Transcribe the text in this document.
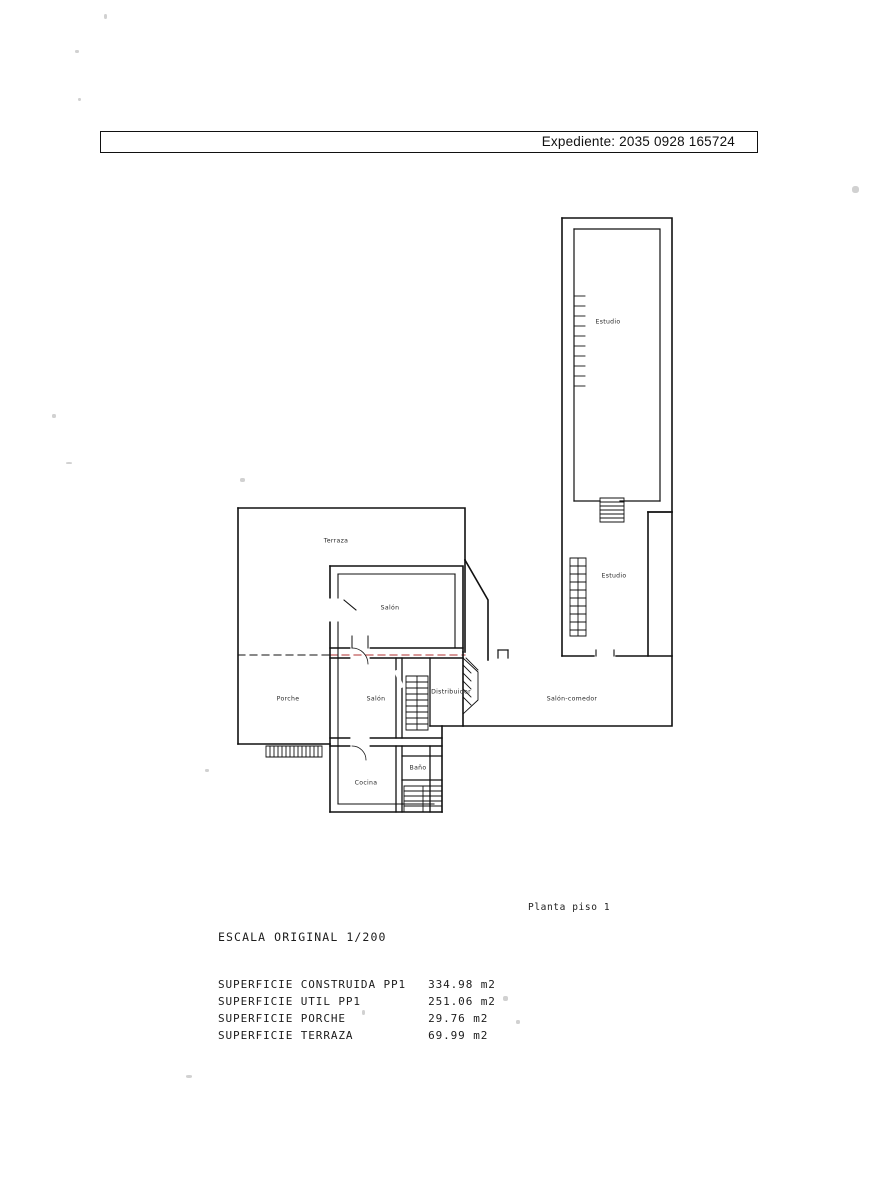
Expediente: 2035 0928 165724
Estudio
Estudio
Terraza
Salón
Porche	Salón
Distribuidor
Salón-comedor
Baño
Cocina
Planta piso 1
ESCALA ORIGINAL 1/200
SUPERFICIE CONSTRUIDA PP1	334.98 m2
SUPERFICIE UTIL PP1	251.06 m2
SUPERFICIE PORCHE	29.76 m2
SUPERFICIE TERRAZA	69.99 m2
